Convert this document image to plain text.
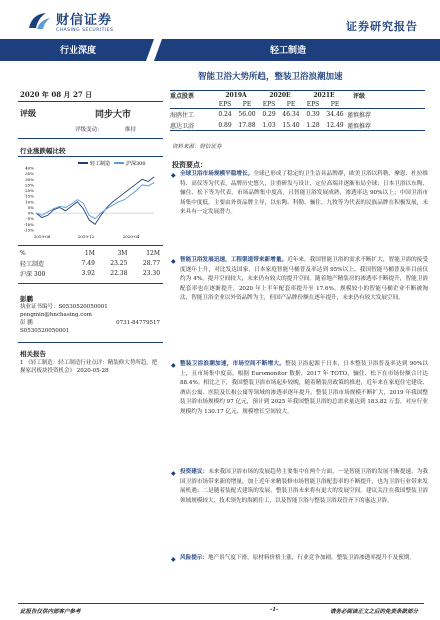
财信证券
CHASING SECURITIES	证券研究报告
行业深度	轻工制造
智能卫浴大势所趋，整装卫浴浪潮加速
2020 年 08 月 27 日
评级	同步大市
评级变动：	维持
行业涨跌幅比较
40%
35%
30%
25%
20%
15%
10%
5%
0%
-5%
-10%
-15%
2019-08	2019-12	2020-04
轻工制造	沪深300
%	1M	3M	12M
轻工制造	7.49	23.25	28.77
沪深 300	3.92	22.38	23.30
彭鹏
执业证书编号：S0530520050001
pengmin@hnchasing.com
彭 鹏	0731-84779517
S0530520050001
相关报告
1 《轻工制造：轻工制造行业点评：精装修大势所趋，把握家居板块投资机会》 2020-05-28
重点股票	2019A	2020E	2021E	评级
EPS	PE	EPS	PE	EPS	PE
海鸥住工	0.24	56.00	0.29	46.34	0.39	34.46 谨慎推荐
惠达卫浴	0.89	17.88	1.03	15.40	1.28	12.49 谨慎推荐
资料来源：财信证券
投资要点：
◆ 全球卫浴市场规模平稳增长。全球已形成了稳定的卫生洁具品牌群，欧美卫浴以科勒、摩恩、杜拉维特、高仪等为代表，品牌历史悠久，注重研发与设计，定位高端并逐渐布局全球；日本卫浴以东陶、骊住、松下等为代表，市场品牌集中度高，且智能卫浴发展成熟，渗透率达 90%以上；中国卫浴市场集中度低，主要由外资品牌主导，以东陶、科勒、骊住、九牧等为代表的民族品牌在积极发展，未来具有一定发展潜力。
◆ 智能卫浴发展迅速，工程渠道带来新增量。近年来，我国智能卫浴的需求不断扩大，智能卫浴的接受度逐年上升，对比发达国家，日本家庭智能马桶普及率达到 95%以上，我国智能马桶普及率目前仅约为 4%，提升空间较大，未来仍有较大的提升空间。随着地产精装房的渗透率不断提升，智能卫浴配套率也在逐渐提升，2020 年上半年配套率提升至 17.6%，规模较小的智能马桶企业不断被淘汰，智能卫浴企业以外资品牌为主，但国产品牌份额在逐年提升，未来仍有较大发展空间。
◆ 整装卫浴浪潮加速，市场空间不断增大。整装卫浴起源于日本，日本整装卫浴普及率达到 90%以上，且市场集中度高，根据 Euromonitor 数据，2017 年 TOTO、骊住、松下在市场份额合计达 88.4%。相比之下，我国整装卫浴市场起步较晚，随着精装房政策的推进，近年来在家庭住宅建设、酒店公寓、医院及长租公寓等领域的渗透率逐年提升，整装卫浴市场规模不断扩大，2019 年我国整装卫浴市场规模约 97 亿元，预计到 2025 年我国整装卫浴的总需求量达到 183.82 万套，对应行业规模约为 130.17 亿元，规模增长空间较大。
◆ 投资建议：未来我国卫浴市场的发展趋势主要集中在两个方面，一是智能卫浴的发展不断提速，为我国卫浴市场带来新的增量，加上近年来精装修市场智能卫浴配套率的不断提升，也为卫浴行业带来发展机遇；二是随着装配式建筑的发展，整装卫浴未来将有更大的发展空间。建议关注在我国整装卫浴领域规模较大、技术领先的海鸥住工，以及智能卫浴与整装卫浴双管齐下的惠达卫浴。
◆ 风险提示：地产景气度下滑，原材料价格上涨，行业竞争加剧，整装卫浴渗透率提升不及预期。
此报告仅供内部客户参考	-1-	请务必阅读正文之后的免责条款部分
